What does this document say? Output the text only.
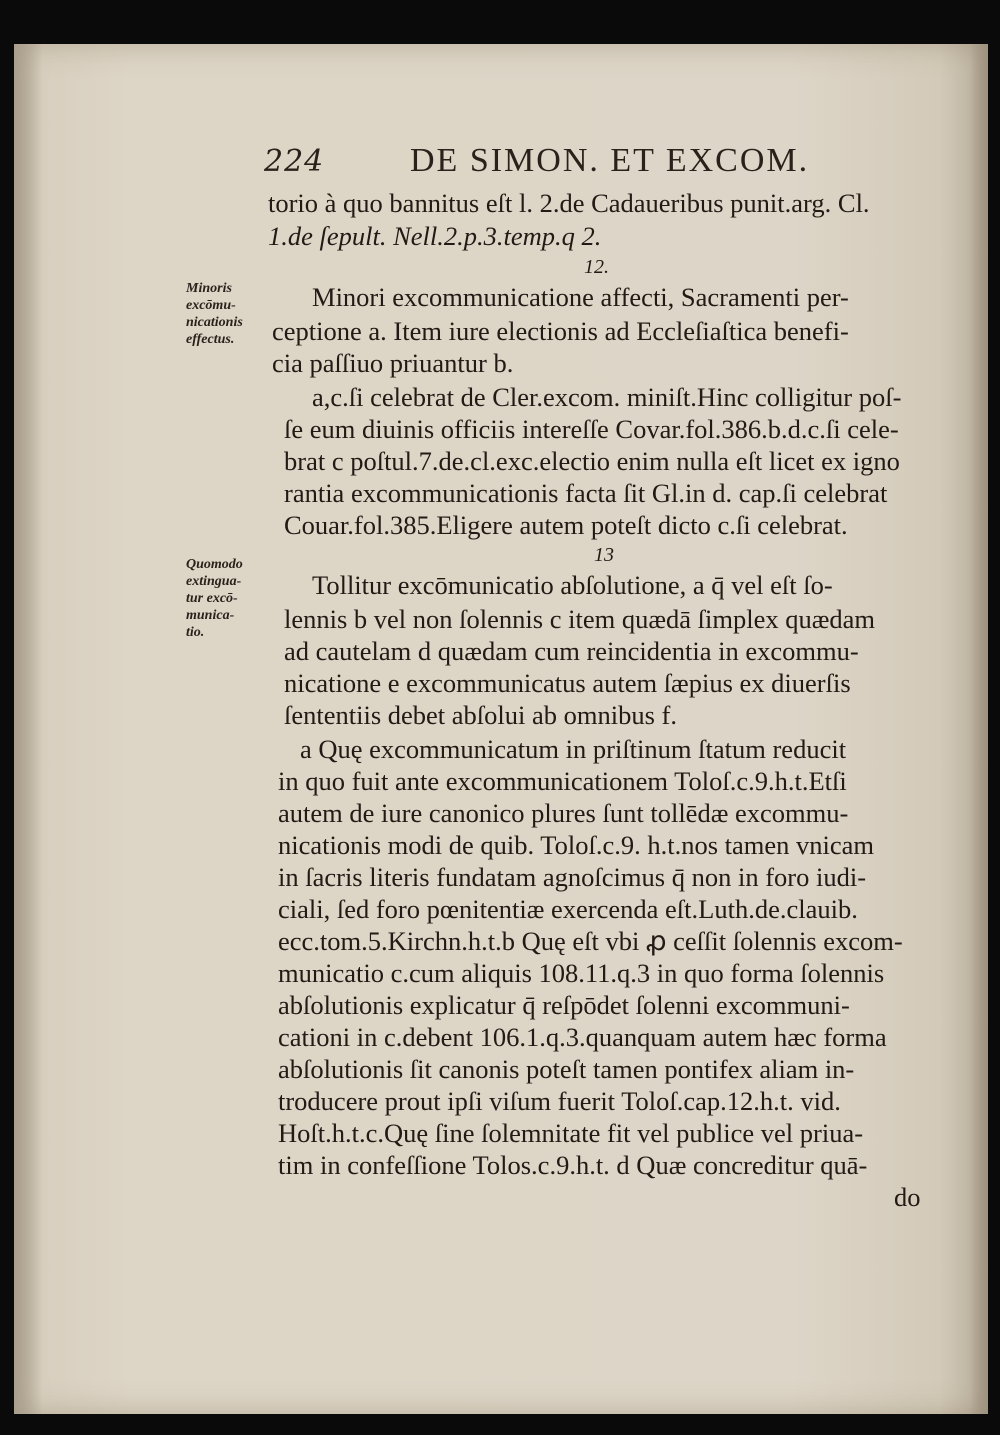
224	DE SIMON. ET EXCOM.
Minoris
excōmu-
nicationis
effectus.
Quomodo
extingua-
tur excō-
munica-
tio.
torio à quo bannitus eſt l. 2.de Cadaueribus punit.arg. Cl.
1.de ſepult. Nell.2.p.3.temp.q 2.
12.
Minori excommunicatione affecti, Sacramenti per-
ceptione a. Item iure electionis ad Eccleſiaſtica benefi-
cia paſſiuo priuantur b.
a,c.ſi celebrat de Cler.excom. miniſt.Hinc colligitur poſ-
ſe eum diuinis officiis intereſſe Covar.fol.386.b.d.c.ſi cele-
brat c poſtul.7.de.cl.exc.electio enim nulla eſt licet ex igno
rantia excommunicationis facta ſit Gl.in d. cap.ſi celebrat
Couar.fol.385.Eligere autem poteſt dicto c.ſi celebrat.
13
Tollitur excōmunicatio abſolutione, a q̄ vel eſt ſo-
lennis b vel non ſolennis c item quædā ſimplex quædam
ad cautelam d quædam cum reincidentia in excommu-
nicatione e excommunicatus autem ſæpius ex diuerſis
ſententiis debet abſolui ab omnibus f.
a Quę excommunicatum in priſtinum ſtatum reducit
in quo fuit ante excommunicationem Toloſ.c.9.h.t.Etſi
autem de iure canonico plures ſunt tollēdæ excommu-
nicationis modi de quib. Toloſ.c.9. h.t.nos tamen vnicam
in ſacris literis fundatam agnoſcimus q̄ non in foro iudi-
ciali, ſed foro pœnitentiæ exercenda eſt.Luth.de.clauib.
ecc.tom.5.Kirchn.h.t.b Quę eſt vbi ꝓ ceſſit ſolennis excom-
municatio c.cum aliquis 108.11.q.3 in quo forma ſolennis
abſolutionis explicatur q̄ reſpōdet ſolenni excommuni-
cationi in c.debent 106.1.q.3.quanquam autem hæc forma
abſolutionis ſit canonis poteſt tamen pontifex aliam in-
troducere prout ipſi viſum fuerit Toloſ.cap.12.h.t. vid.
Hoſt.h.t.c.Quę ſine ſolemnitate fit vel publice vel priua-
tim in confeſſione Tolos.c.9.h.t. d Quæ concreditur quā-
do
